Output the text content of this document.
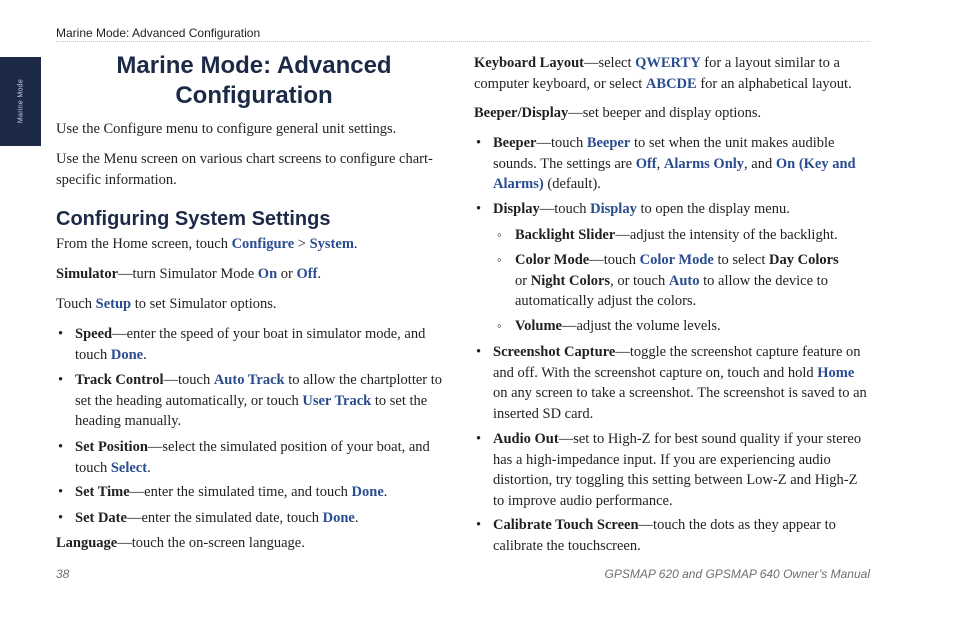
Marine Mode: Advanced Configuration
Marine Mode
Marine Mode: Advanced Configuration

Use the Configure menu to configure general unit settings.

Use the Menu screen on various chart screens to configure chart-
specific information.

Configuring System Settings

From the Home screen, touch Configure > System.

Simulator—turn Simulator Mode On or Off.

Touch Setup to set Simulator options.

• Speed—enter the speed of your boat in simulator mode, and
touch Done.

• Track Control—touch Auto Track to allow the chartplotter to
set the heading automatically, or touch User Track to set the
heading manually.

• Set Position—select the simulated position of your boat, and
touch Select.

• Set Time—enter the simulated time, and touch Done.

• Set Date—enter the simulated date, touch Done.

Language—touch the on-screen language.

Keyboard Layout—select QWERTY for a layout similar to a
computer keyboard, or select ABCDE for an alphabetical layout.

Beeper/Display—set beeper and display options.

• Beeper—touch Beeper to set when the unit makes audible
sounds. The settings are Off, Alarms Only, and On (Key and
Alarms) (default).

• Display—touch Display to open the display menu.

◦ Backlight Slider—adjust the intensity of the backlight.

◦ Color Mode—touch Color Mode to select Day Colors
or Night Colors, or touch Auto to allow the device to
automatically adjust the colors.

◦ Volume—adjust the volume levels.

• Screenshot Capture—toggle the screenshot capture feature on
and off. With the screenshot capture on, touch and hold Home
on any screen to take a screenshot. The screenshot is saved to an
inserted SD card.

• Audio Out—set to High-Z for best sound quality if your stereo
has a high-impedance input. If you are experiencing audio
distortion, try toggling this setting between Low-Z and High-Z
to improve audio performance.

• Calibrate Touch Screen—touch the dots as they appear to
calibrate the touchscreen.

38	GPSMAP 620 and GPSMAP 640 Owner’s Manual
